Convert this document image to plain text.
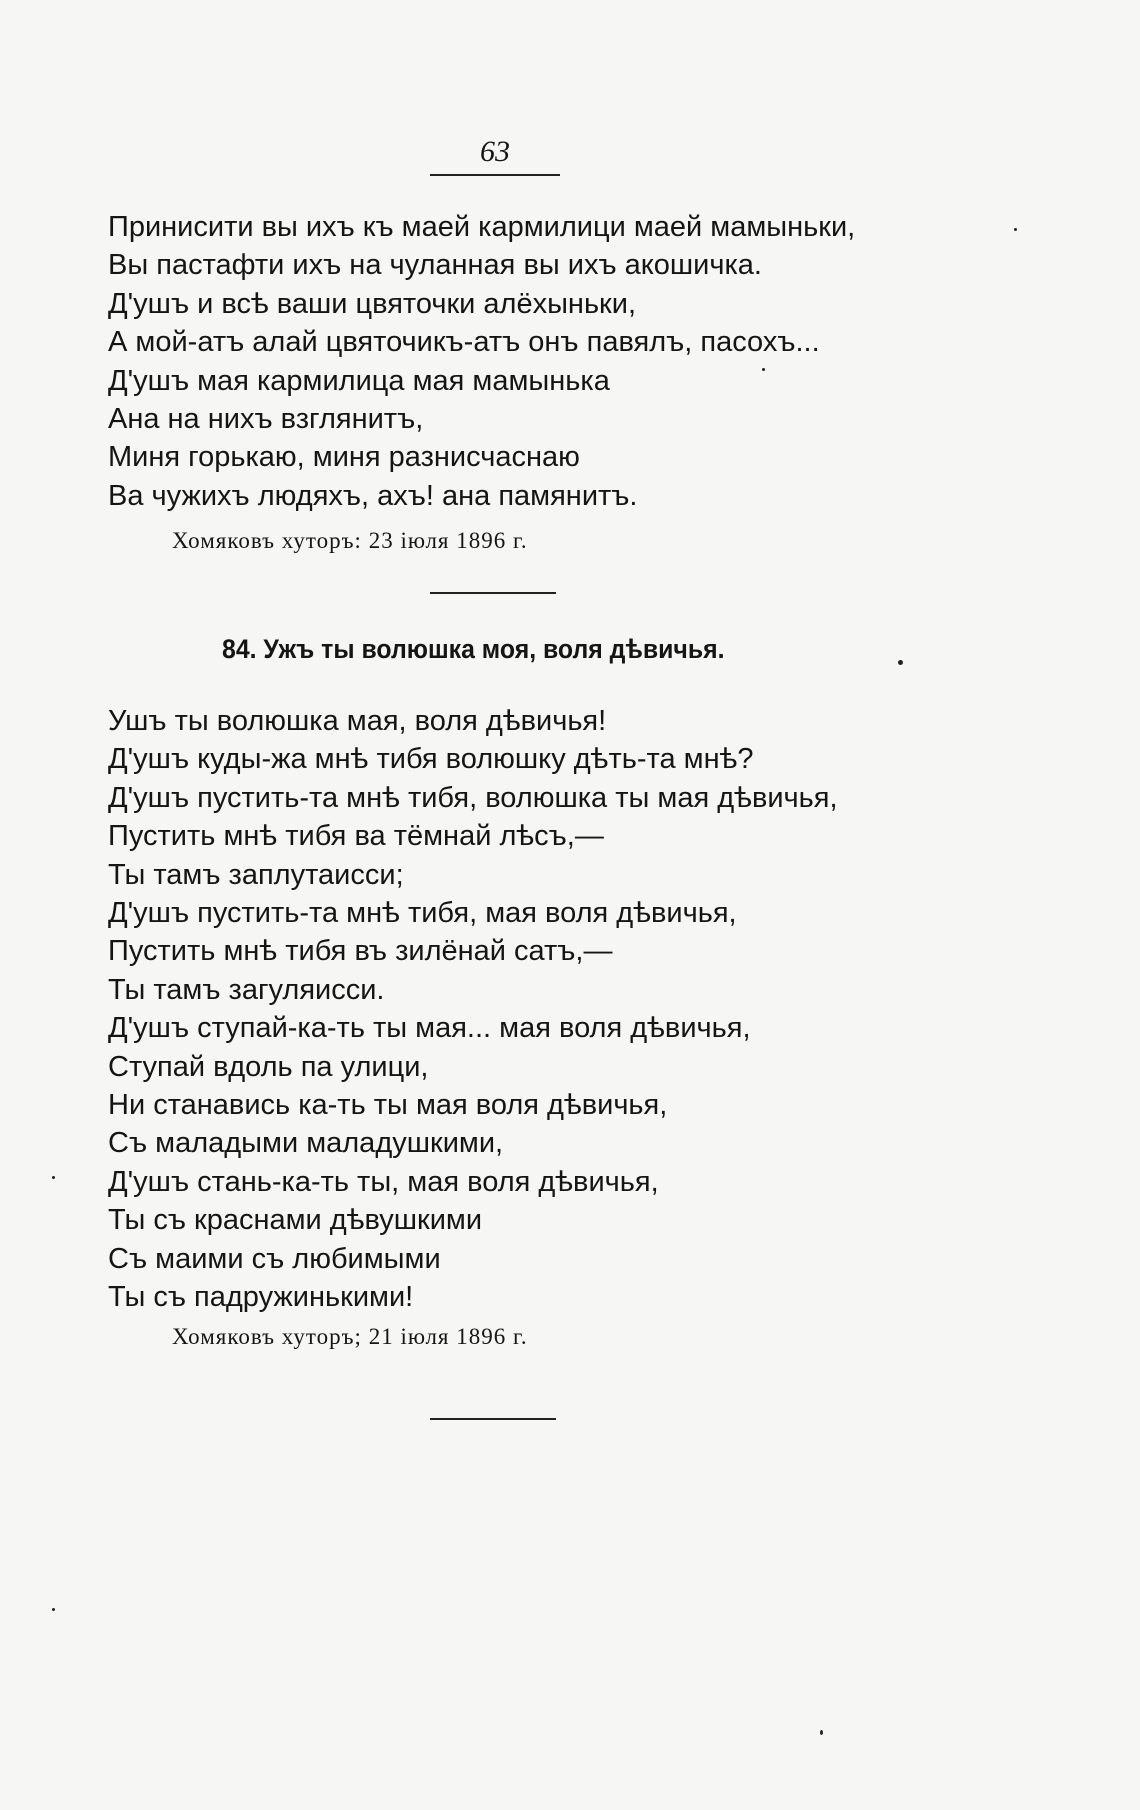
63

Принисити вы ихъ къ маей кармилици маей мамыньки,

Вы пастафти ихъ на чуланная вы ихъ акошичка.

Д'ушъ и всѣ ваши цвяточки алёхыньки,

А мой-атъ алай цвяточикъ-атъ онъ павялъ, пасохъ...

Д'ушъ мая кармилица мая мамынька

Ана на нихъ взглянитъ,

Миня горькаю, миня разнисчаснаю

Ва чужихъ людяхъ, ахъ! ана памянитъ.

Хомяковъ хуторъ: 23 іюля 1896 г.

84. Ужъ ты волюшка моя, воля дѣвичья.

Ушъ ты волюшка мая, воля дѣвичья!

Д'ушъ куды-жа мнѣ тибя волюшку дѣть-та мнѣ?

Д'ушъ пустить-та мнѣ тибя, волюшка ты мая дѣвичья,

Пустить мнѣ тибя ва тёмнай лѣсъ,—

Ты тамъ заплутаисси;

Д'ушъ пустить-та мнѣ тибя, мая воля дѣвичья,

Пустить мнѣ тибя въ зилёнай сатъ,—

Ты тамъ загуляисси.

Д'ушъ ступай-ка-ть ты мая... мая воля дѣвичья,

Ступай вдоль па улици,

Ни станавись ка-ть ты мая воля дѣвичья,

Съ маладыми маладушкими,

Д'ушъ стань-ка-ть ты, мая воля дѣвичья,

Ты съ краснами дѣвушкими

Съ маими съ любимыми

Ты съ падружинькими!

Хомяковъ хуторъ; 21 іюля 1896 г.
